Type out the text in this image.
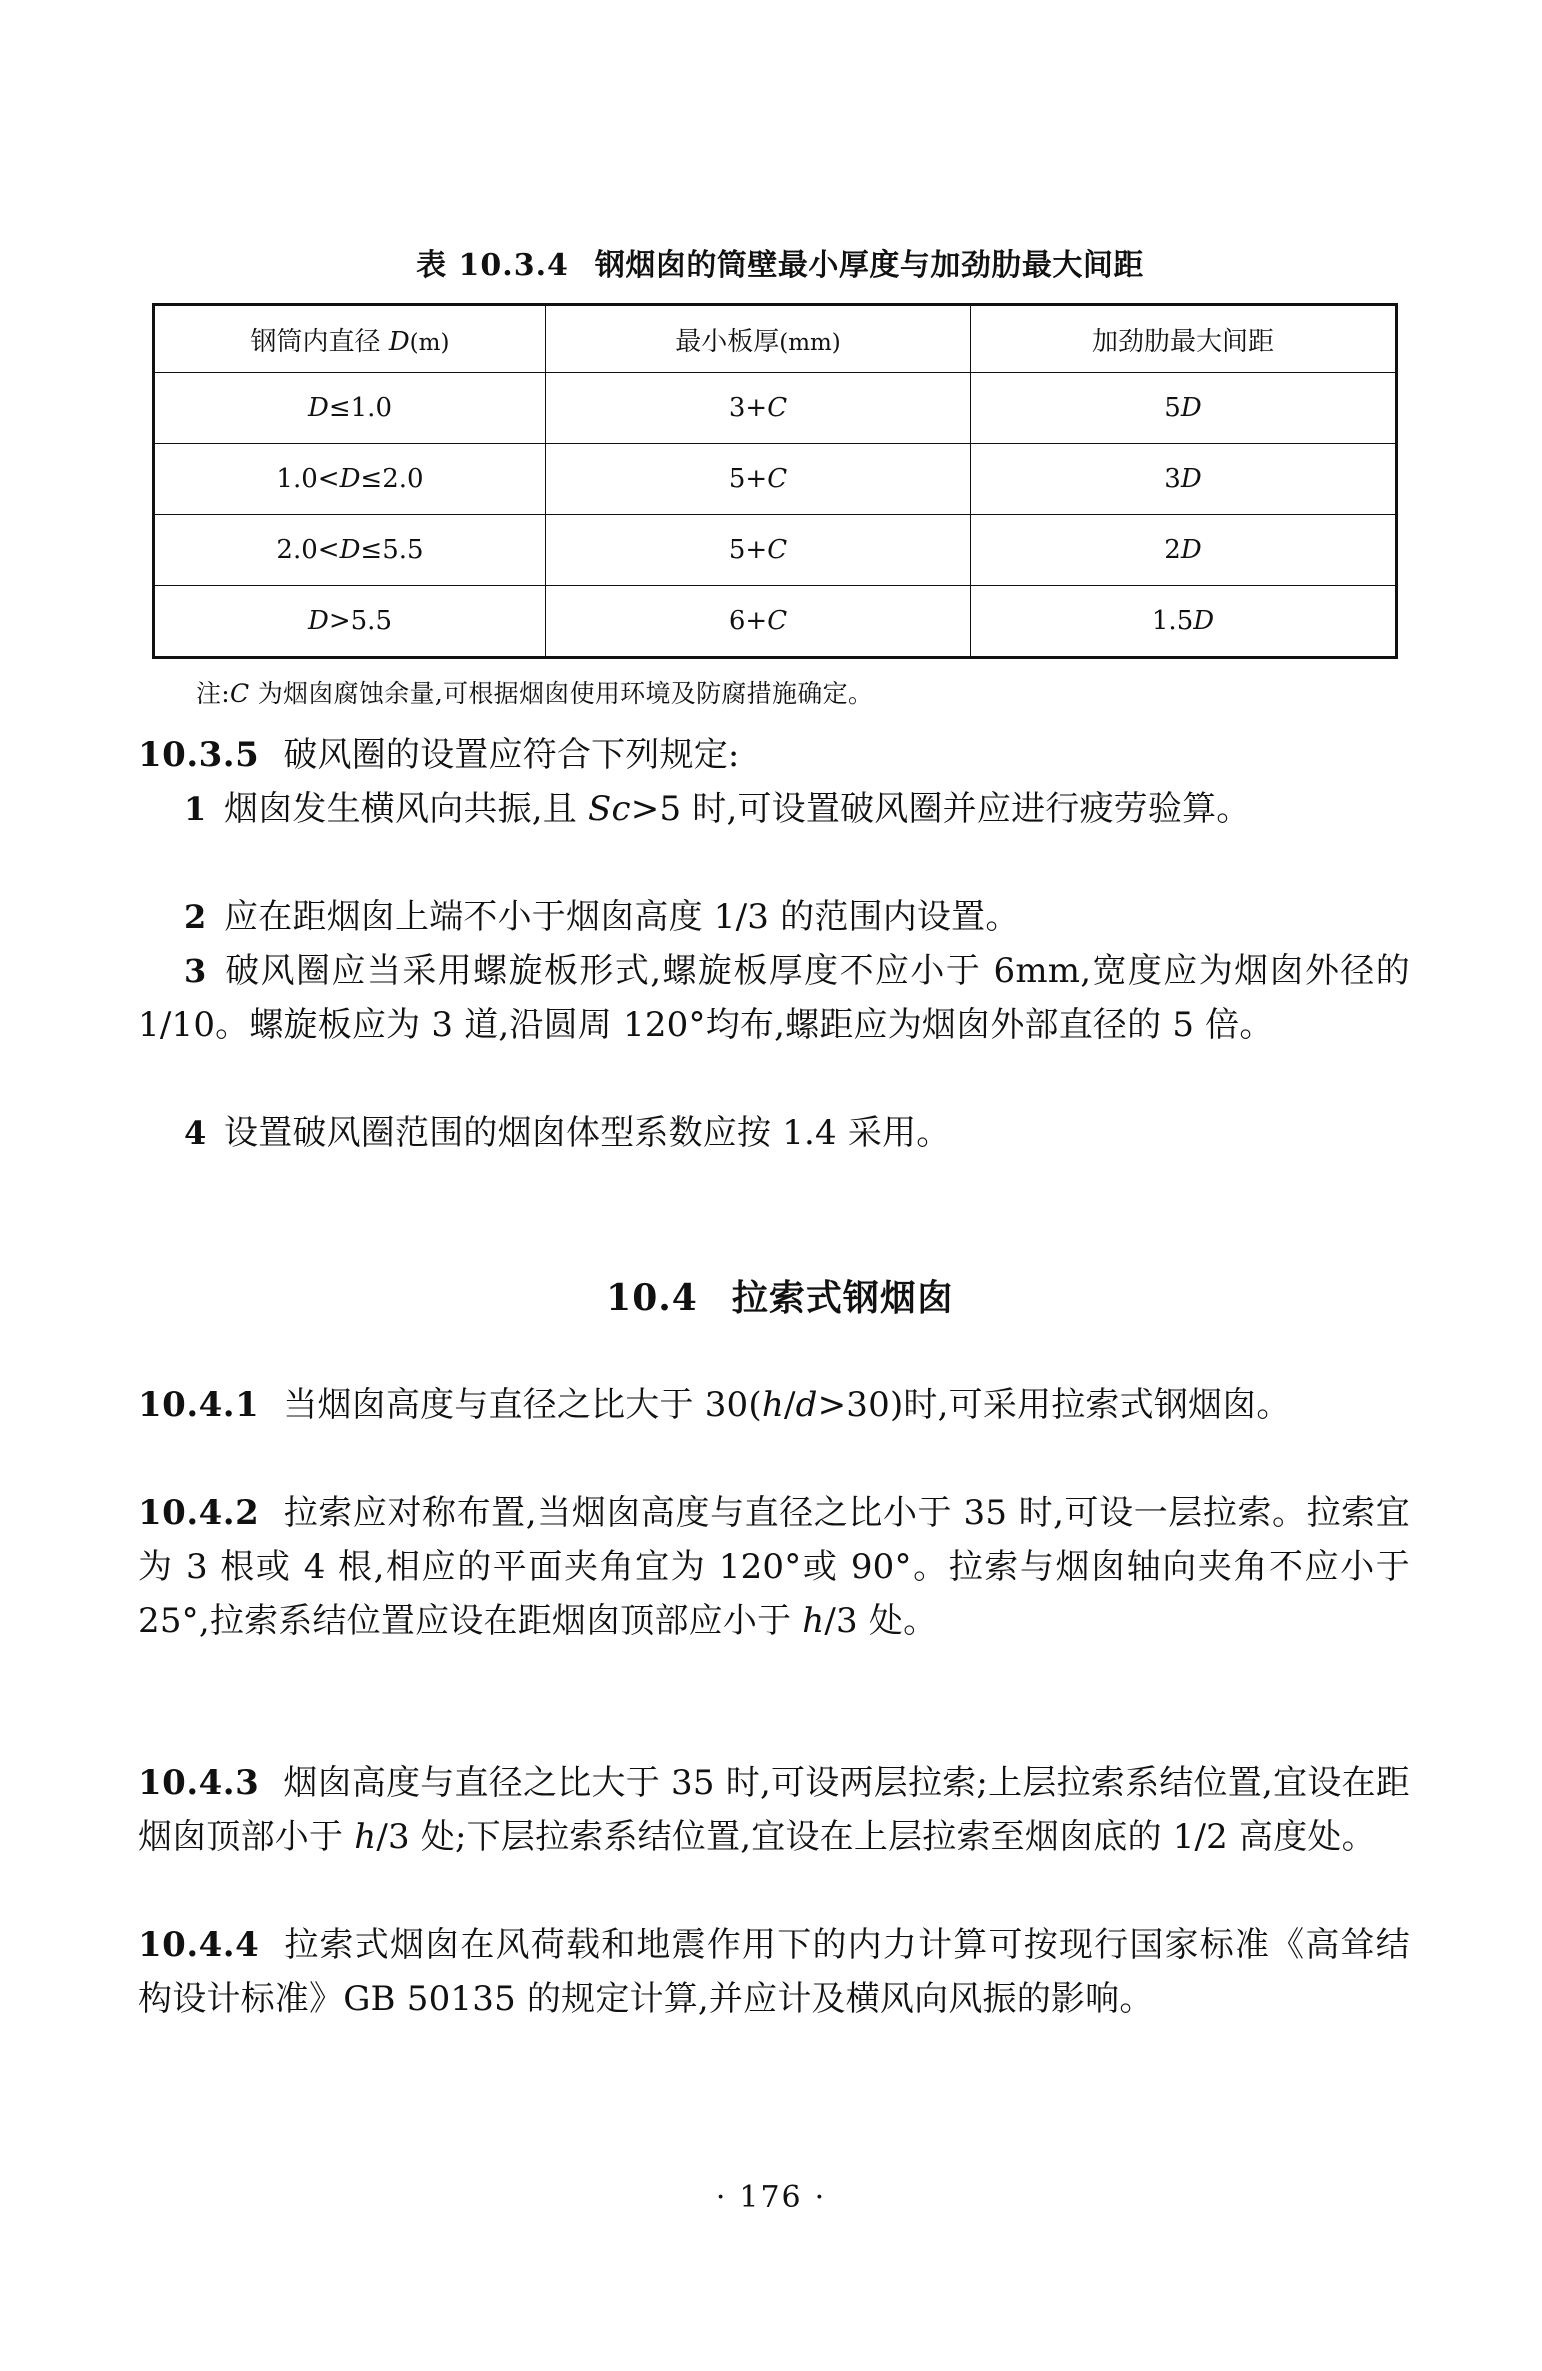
表 10.3.4 钢烟囱的筒壁最小厚度与加劲肋最大间距
钢筒内直径 D(m)	最小板厚(mm)	加劲肋最大间距
D≤1.0	3+C	5D
1.0<D≤2.0	5+C	3D
2.0<D≤5.5	5+C	2D
D>5.5	6+C	1.5D
注:C 为烟囱腐蚀余量,可根据烟囱使用环境及防腐措施确定。
10.3.5 破风圈的设置应符合下列规定:
1 烟囱发生横风向共振,且 Sc>5 时,可设置破风圈并应进行疲劳验算。
2 应在距烟囱上端不小于烟囱高度 1/3 的范围内设置。
3 破风圈应当采用螺旋板形式,螺旋板厚度不应小于 6mm,宽度应为烟囱外径的 1/10。螺旋板应为 3 道,沿圆周 120°均布,螺距应为烟囱外部直径的 5 倍。
4 设置破风圈范围的烟囱体型系数应按 1.4 采用。
10.4 拉索式钢烟囱
10.4.1 当烟囱高度与直径之比大于 30(h/d>30)时,可采用拉索式钢烟囱。
10.4.2 拉索应对称布置,当烟囱高度与直径之比小于 35 时,可设一层拉索。拉索宜为 3 根或 4 根,相应的平面夹角宜为 120°或 90°。拉索与烟囱轴向夹角不应小于 25°,拉索系结位置应设在距烟囱顶部应小于 h/3 处。
10.4.3 烟囱高度与直径之比大于 35 时,可设两层拉索;上层拉索系结位置,宜设在距烟囱顶部小于 h/3 处;下层拉索系结位置,宜设在上层拉索至烟囱底的 1/2 高度处。
10.4.4 拉索式烟囱在风荷载和地震作用下的内力计算可按现行国家标准《高耸结构设计标准》GB 50135 的规定计算,并应计及横风向风振的影响。
· 176 ·
